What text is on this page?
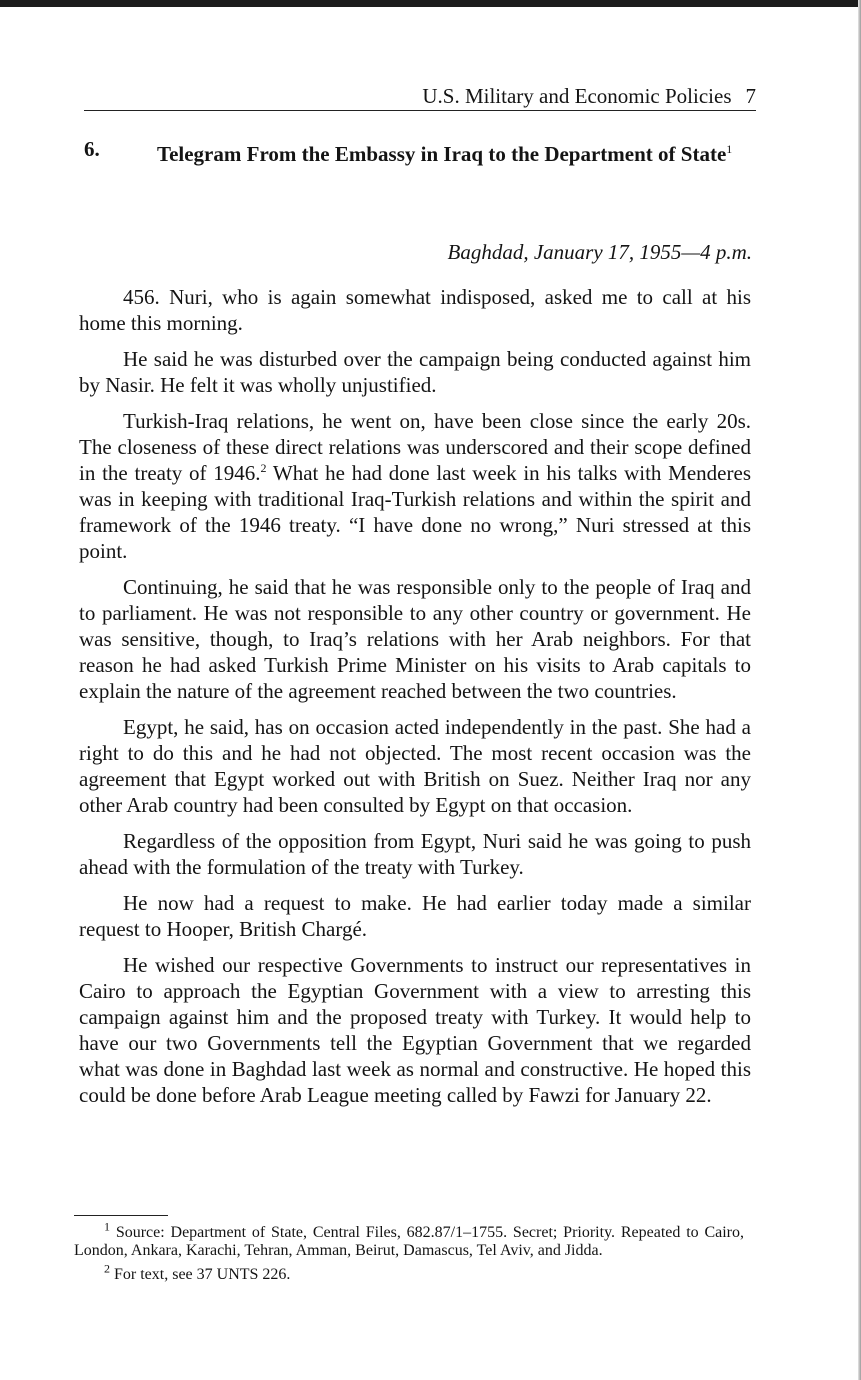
U.S. Military and Economic Policies 7
6.	Telegram From the Embassy in Iraq to the Department of State$^1$
Baghdad, January 17, 1955—4 p.m.

456. Nuri, who is again somewhat indisposed, asked me to call at his home this morning.

He said he was disturbed over the campaign being conducted against him by Nasir. He felt it was wholly unjustified.

Turkish-Iraq relations, he went on, have been close since the early 20s. The closeness of these direct relations was underscored and their scope defined in the treaty of 1946.$^2$ What he had done last week in his talks with Menderes was in keeping with traditional Iraq-Turkish relations and within the spirit and framework of the 1946 treaty. “I have done no wrong,” Nuri stressed at this point.

Continuing, he said that he was responsible only to the people of Iraq and to parliament. He was not responsible to any other country or government. He was sensitive, though, to Iraq’s relations with her Arab neighbors. For that reason he had asked Turkish Prime Minister on his visits to Arab capitals to explain the nature of the agreement reached between the two countries.

Egypt, he said, has on occasion acted independently in the past. She had a right to do this and he had not objected. The most recent occasion was the agreement that Egypt worked out with British on Suez. Neither Iraq nor any other Arab country had been consulted by Egypt on that occasion.

Regardless of the opposition from Egypt, Nuri said he was going to push ahead with the formulation of the treaty with Turkey.

He now had a request to make. He had earlier today made a similar request to Hooper, British Chargé.

He wished our respective Governments to instruct our representatives in Cairo to approach the Egyptian Government with a view to arresting this campaign against him and the proposed treaty with Turkey. It would help to have our two Governments tell the Egyptian Government that we regarded what was done in Baghdad last week as normal and constructive. He hoped this could be done before Arab League meeting called by Fawzi for January 22.

$^1$ Source: Department of State, Central Files, 682.87/1–1755. Secret; Priority. Repeated to Cairo, London, Ankara, Karachi, Tehran, Amman, Beirut, Damascus, Tel Aviv, and Jidda.

$^2$ For text, see 37 UNTS 226.
